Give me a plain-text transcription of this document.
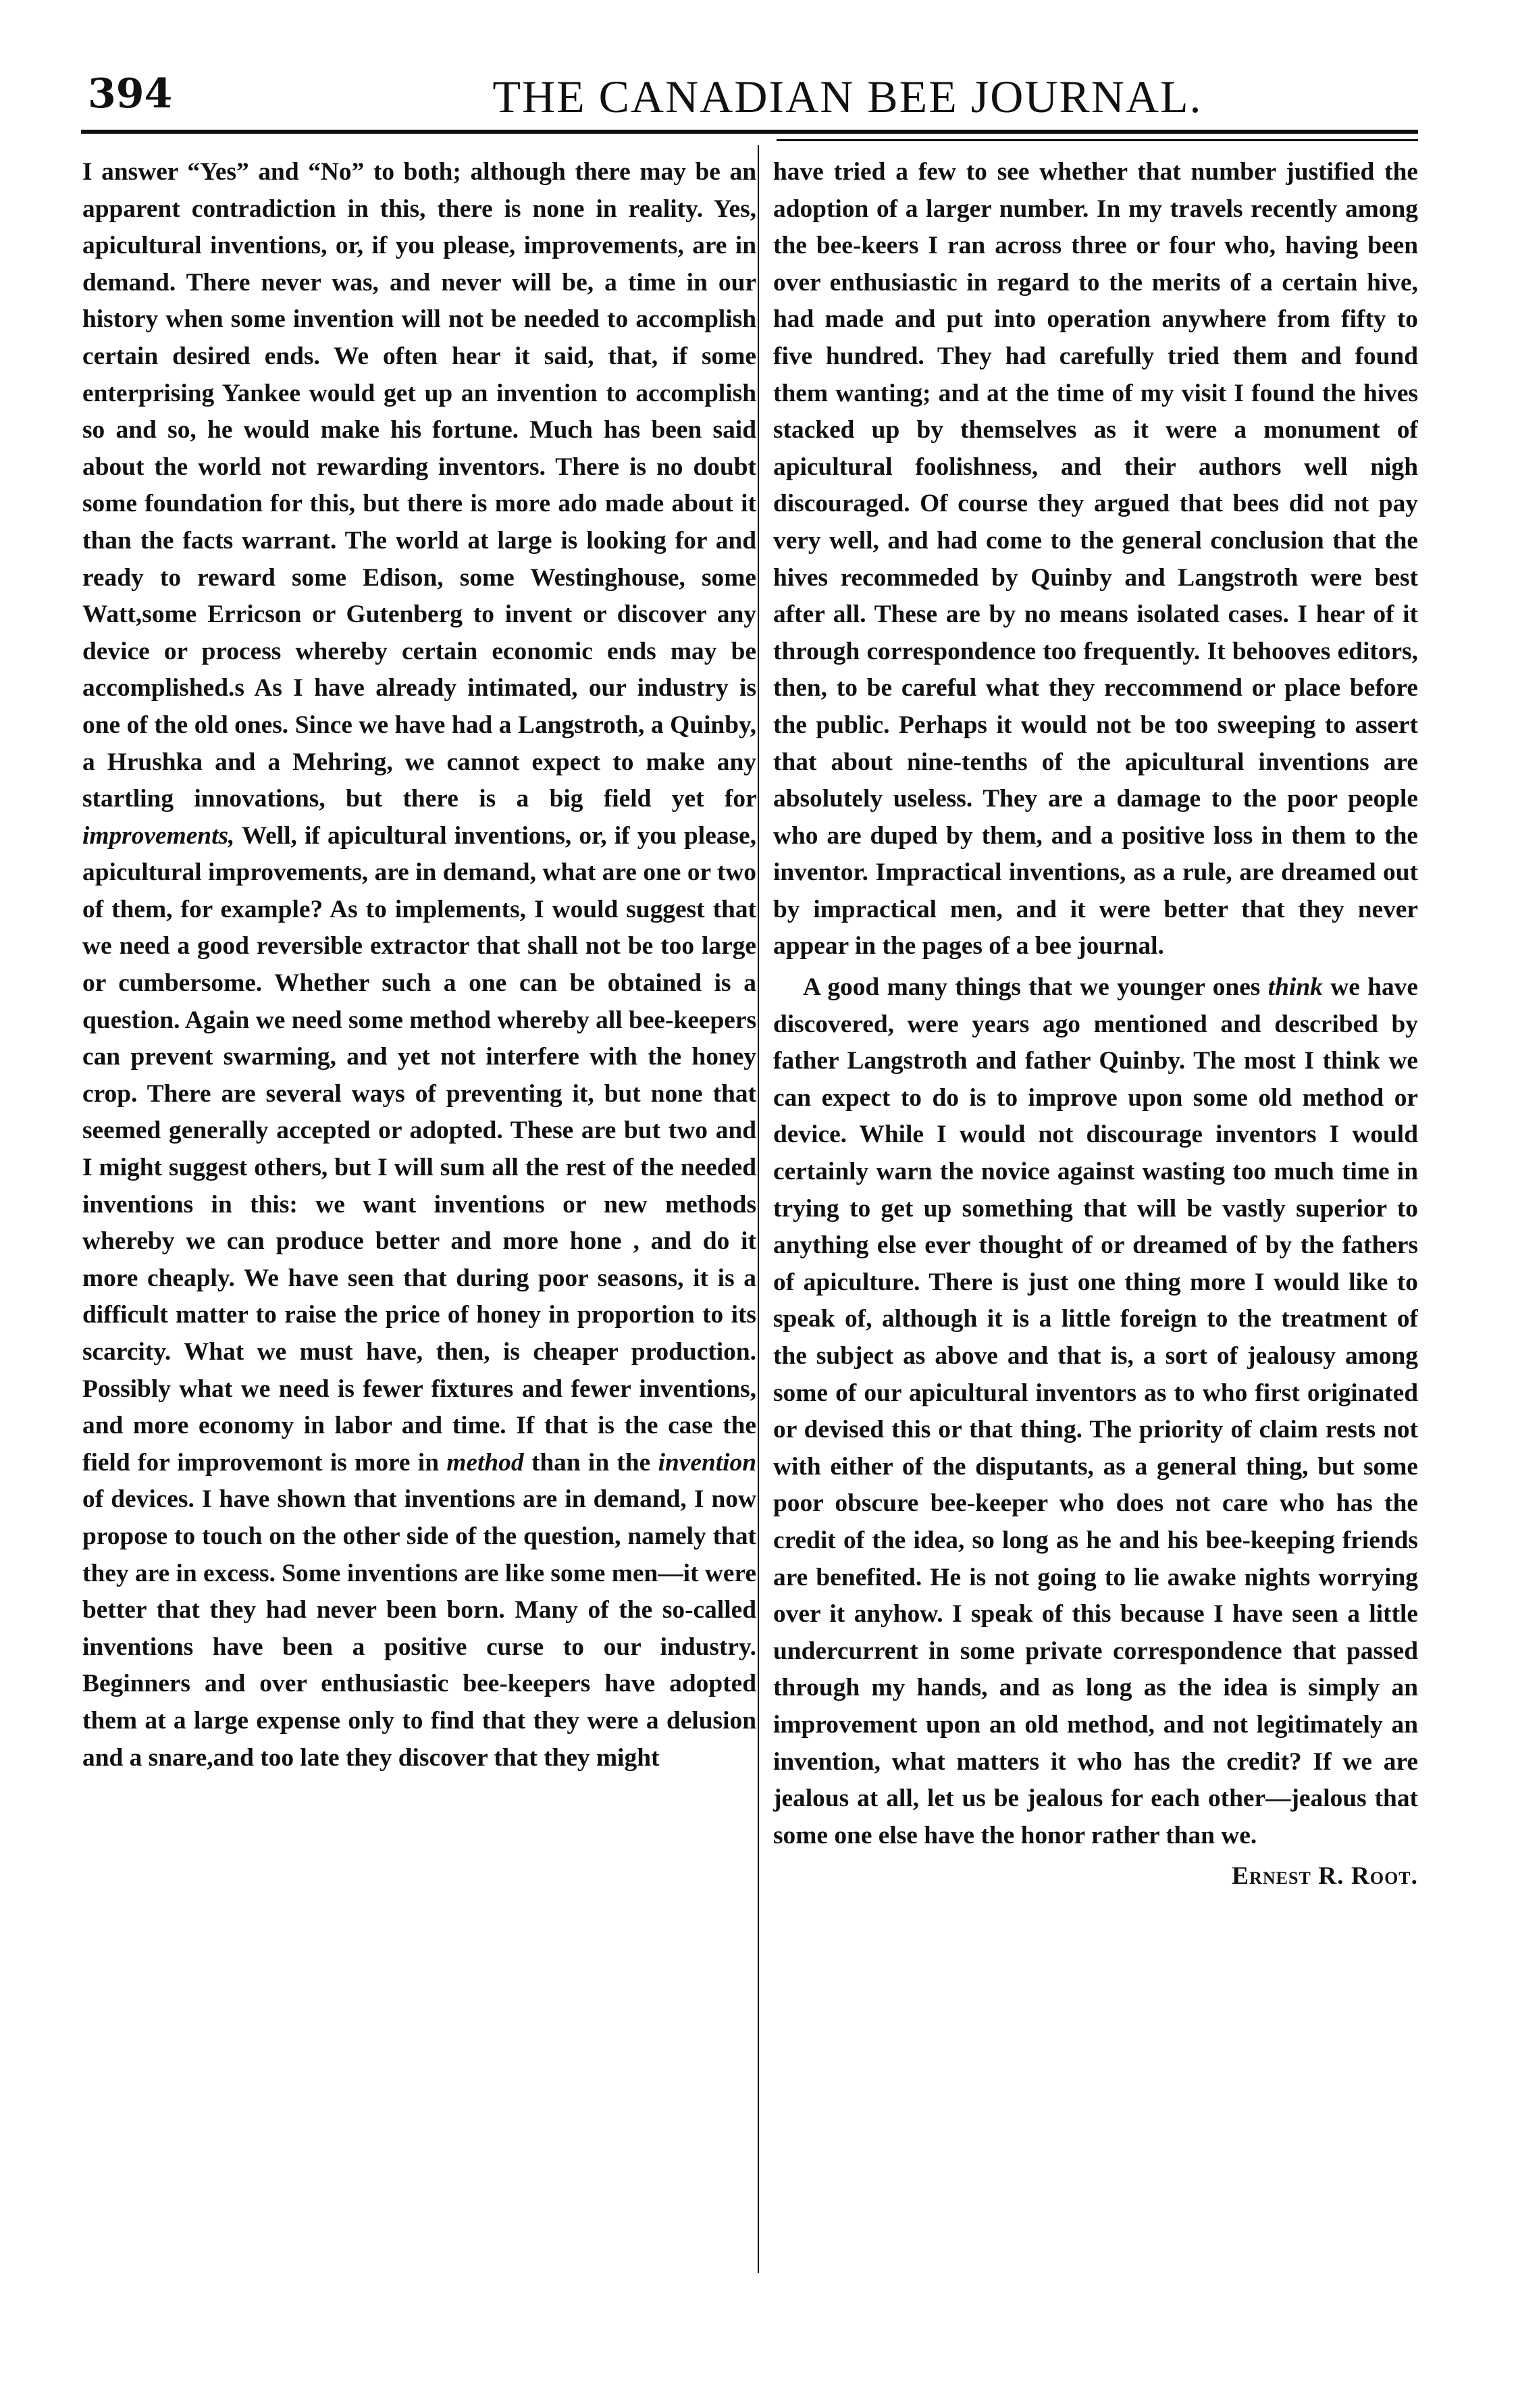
394	THE CANADIAN BEE JOURNAL.

I answer “Yes” and “No” to both; although there may be an apparent contradiction in this, there is none in reality. Yes, apicultural inventions, or, if you please, improvements, are in demand. There never was, and never will be, a time in our history when some invention will not be needed to accomplish certain desired ends. We often hear it said, that, if some enterprising Yankee would get up an invention to accomplish so and so, he would make his fortune. Much has been said about the world not rewarding inventors. There is no doubt some foundation for this, but there is more ado made about it than the facts warrant. The world at large is looking for and ready to reward some Edison, some Westinghouse, some Watt,some Erricson or Gutenberg to invent or discover any device or process whereby certain economic ends may be accomplished.s As I have already intimated, our industry is one of the old ones. Since we have had a Langstroth, a Quinby, a Hrushka and a Mehring, we cannot expect to make any startling innovations, but there is a big field yet for improvements, Well, if apicultural inventions, or, if you please, apicultural improvements, are in demand, what are one or two of them, for example? As to implements, I would suggest that we need a good reversible extractor that shall not be too large or cumbersome. Whether such a one can be obtained is a question. Again we need some method whereby all bee-keepers can prevent swarming, and yet not interfere with the honey crop. There are several ways of preventing it, but none that seemed generally accepted or adopted. These are but two and I might suggest others, but I will sum all the rest of the needed inventions in this: we want inventions or new methods whereby we can produce better and more hone , and do it more cheaply. We have seen that during poor seasons, it is a difficult matter to raise the price of honey in proportion to its scarcity. What we must have, then, is cheaper production. Possibly what we need is fewer fixtures and fewer inventions, and more economy in labor and time. If that is the case the field for improvemont is more in method than in the invention of devices. I have shown that inventions are in demand, I now propose to touch on the other side of the question, namely that they are in excess. Some inventions are like some men—it were better that they had never been born. Many of the so-called inventions have been a positive curse to our industry. Beginners and over enthusiastic bee-keepers have adopted them at a large expense only to find that they were a delusion and a snare,and too late they discover that they might

have tried a few to see whether that number justified the adoption of a larger number. In my travels recently among the bee-keers I ran across three or four who, having been over enthusiastic in regard to the merits of a certain hive, had made and put into operation anywhere from fifty to five hundred. They had carefully tried them and found them wanting; and at the time of my visit I found the hives stacked up by themselves as it were a monument of apicultural foolishness, and their authors well nigh discouraged. Of course they argued that bees did not pay very well, and had come to the general conclusion that the hives recommeded by Quinby and Langstroth were best after all. These are by no means isolated cases. I hear of it through correspondence too frequently. It behooves editors, then, to be careful what they reccommend or place before the public. Perhaps it would not be too sweeping to assert that about nine-tenths of the apicultural inventions are absolutely useless. They are a damage to the poor people who are duped by them, and a positive loss in them to the inventor. Impractical inventions, as a rule, are dreamed out by impractical men, and it were better that they never appear in the pages of a bee journal.

A good many things that we younger ones think we have discovered, were years ago mentioned and described by father Langstroth and father Quinby. The most I think we can expect to do is to improve upon some old method or device. While I would not discourage inventors I would certainly warn the novice against wasting too much time in trying to get up something that will be vastly superior to anything else ever thought of or dreamed of by the fathers of apiculture. There is just one thing more I would like to speak of, although it is a little foreign to the treatment of the subject as above and that is, a sort of jealousy among some of our apicultural inventors as to who first originated or devised this or that thing. The priority of claim rests not with either of the disputants, as a general thing, but some poor obscure bee-keeper who does not care who has the credit of the idea, so long as he and his bee-keeping friends are benefited. He is not going to lie awake nights worrying over it anyhow. I speak of this because I have seen a little undercurrent in some private correspondence that passed through my hands, and as long as the idea is simply an improvement upon an old method, and not legitimately an invention, what matters it who has the credit? If we are jealous at all, let us be jealous for each other—jealous that some one else have the honor rather than we.

Ernest R. Root.
